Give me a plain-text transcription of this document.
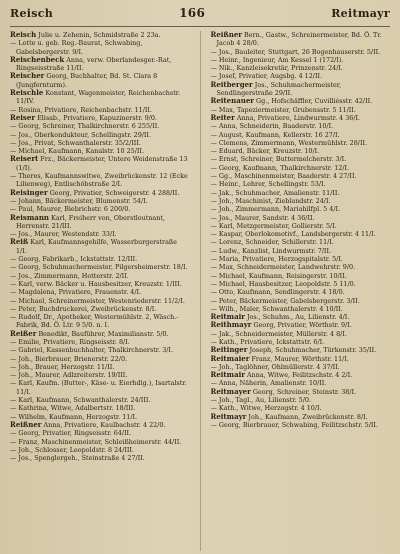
Reisch	166	Reitmayr

Reisch Julie u. Zehenin, Schmidstraße 2 23a.

— Lotte u. geb. Reg.-Baurat, Schwabing, Gabelsbergerstr. 9/I.

Reischenbeck Anna, verw. Oberlandesger.-Rat, Ringseisstraße 11/II.

Reischer Georg, Buchhalter, Bd. St. Clara 8 (Jungfernturm).

Reischle Konstant, Wagenmeister, Reichenbachstr. 11/IV.

— Rosina, Privatiere, Reichenbachstr. 11/II.

Reiser Elisab., Privatiere, Kapuzinerstr. 9/0.

— Georg, Schreiner, Thalkirchnerstr. 6 255/II.

— Jos., Oberkondukteur, Schellingstr. 29/II.

— Jos., Privat, Schwanthalerstr. 35/2/III.

— Michael, Kaufmann, Kanalstr. 10 25/II.

Reisert Frz., Bäckermeister, Untere Weidenstraße 13 (1/I).

— Theres, Kaufmannswitwe, Zweibrückenstr. 12 (Ecke Lilienweg), Entlischöbstraße 2/I.

Reisinger Georg, Privatier, Schweigerstr. 4 288/II.

— Johann, Bäckermeister, Blumenstr. 54/I.

— Paul, Maurer, Biebrichstr. 6 200/0.

Reismann Karl, Freiherr von, Oberstleutnant, Herrenstr. 21/III.

— Jos., Maurer, Westendstr. 33/I.

Reiß Karl, Kaufmannsgehilfe, Wasserburgerstraße 1/I.

— Georg, Fabrikarb., Ickstattstr. 12/III.

— Georg, Schuhmachermeister, Pilgersheimerstr. 18/I.

— Jos., Zimmermann, Hotterstr. 2/II.

— Karl, verw. Bäcker u. Hausbesitzer, Kreuzstr. 1/III.

— Magdalena, Privatiere, Frauenstr. 4/I.

— Michael, Schreinermeister, Westenriederstr. 11/2/I.

— Peter, Buchdruckerei, Zweibrückenstr. 8/I.

— Rudolf, Dr., Apotheker, Westermühlstr. 2, Wäsch.-Fabrik, Bd. Ö. Ltr. 9 5/0. n. I.

Reißer Benedikt, Bauführer, Maximilianstr. 5/0.

— Emilie, Privatiere, Ringseisstr. 8/I.

— Gabriel, Kassenbuchhalter, Thalkirchnerstr. 3/I.

— Joh., Bierbrauer, Brienerstr. 22/0.

— Joh., Brauer, Herzogstr. 11/II.

— Joh., Maurer, Adlzreiterstr. 19/III.

— Karl, Kaufm. (Butter-, Käse- u. Eierhdlg.), Isartalstr. 11/I.

— Karl, Kaufmann, Schwanthalerstr. 24/III.

— Kathrina, Witwe, Adalbertstr. 18/III.

— Wilhelm, Kaufmann, Herzogstr. 11/I.

Reißner Anna, Privatiere, Kaulbachstr. 4 22/0.

— Georg, Privatier, Ringseisstr. 64/II.

— Franz, Maschinenmeister, Schleißheimerstr. 44/II.

— Joh., Schlosser, Leopoldstr. 8 24/III.

— Jos., Spenglergeh., Steinstraße 4 27/II.

Reißner Bern., Gastw., Schreinermeister, Bd. Ö. Tr. Jacob 4 28/0.

— Jos., Bauleiter, Stuttgart, 26 Bogenhauserstr. 5/II.

— Heinr., Ingenieur, Am Kessel 1 (172/I).

— Nik., Kanzleisekretär, Prinzenstr. 24/I.

— Josef, Privatier, Augsbg. 4 12/II.

Reitberger Jos., Schuhmachermeister, Sendlingerstraße 29/II.

Reitenauer Gg., Hofschäffler, Cuvilliésstr. 42/II.

— Max, Tapeziermeister, Grubensstr. 5 11/II.

Reiter Anna, Privatiere, Lindwurmstr. 4 36/I.

— Anna, Schneiderin, Baaderstr. 10/I.

— August, Kaufmann, Kellerstr. 16 27/I.

— Clemens, Zimmermann, Westermühlstr. 28/II.

— Eduard, Bäcker, Kreuzstr. 10/I.

— Ernst, Schreiner, Buttermelcherstr. 3/I.

— Georg, Kaufmann, Thalkirchnerstr. 12/I.

— Gg., Maschinenmeister, Baaderstr. 4 27/II.

— Heinr., Lehrer, Schellingstr. 53/I.

— Jak., Schuhmacher, Amalienstr. 11/II.

— Joh., Maschinist, Zieblandstr. 24/I.

— Joh., Zimmermann, Mariahilfpl. 5 4/I.

— Jos., Maurer, Sandstr. 4 36/II.

— Karl, Metzgermeister, Gollierstr. 5/I.

— Kaspar, Oberlokomotivf., Landsbergerstr. 4 11/I.

— Lorenz, Schneider, Schillerstr. 11/I.

— Ludw., Kanzlist, Lindwurmstr. 7/II.

— Maria, Privatiere, Herzogspitalstr. 5/I.

— Max, Schneidermeister, Landwehrstr. 9/0.

— Michael, Kaufmann, Reisingerstr. 10/II.

— Michael, Hausbesitzer, Leopoldstr. 5 11/0.

— Otto, Kaufmann, Sendlingerstr. 4 18/0.

— Peter, Bäckermeister, Gabelsbergerstr. 3/II.

— Wilh., Maler, Schwanthalerstr. 4 10/II.

Reitmair Jos., Schuhm., Au, Lilienstr. 4/I.

Reithmayr Georg, Privatier, Wörthstr. 9/I.

— Jak., Schneidermeister, Müllerstr. 4 8/I.

— Kath., Privatiere, Ickstattstr. 6/I.

Reitinger Joseph, Schuhmacher, Türkenstr. 35/II.

Reitmaier Franz, Maurer, Wörthstr. 11/I.

— Joh., Taglöhner, Ohlmüllerstr. 4 37/II.

Reitmair Anna, Witwe, Feilitzschstr. 4 2/I.

— Anna, Näherin, Amalienstr. 10/II.

Reitmayer Georg, Schreiner, Steinstr. 38/I.

— Joh., Tagl., Au, Lilienstr. 5/0.

— Kath., Witwe, Herzogstr. 4 10/I.

Reitmayr Joh., Kaufmann, Zweibrückenstr. 8/I.

— Georg, Bierbrauer, Schwabing, Feilitzschstr. 5/II.
